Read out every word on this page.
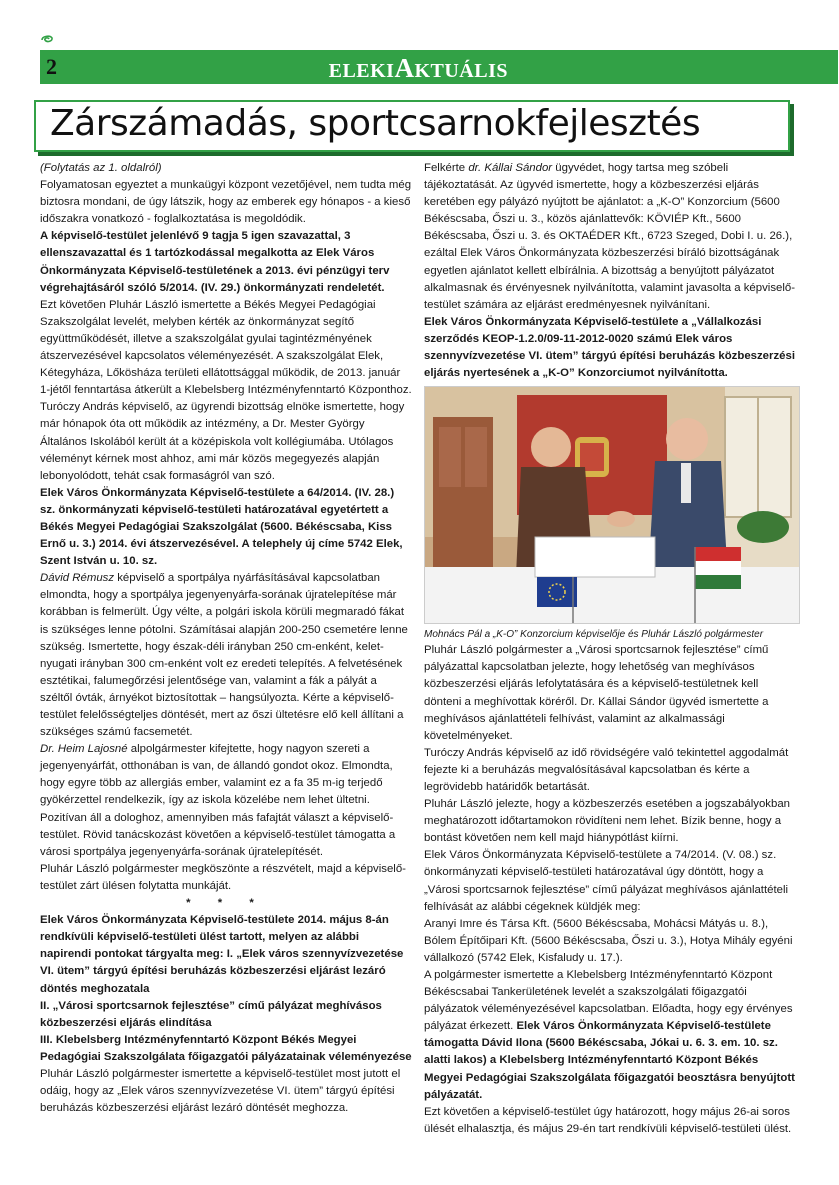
2	ELEKIAKTUÁLIS
Zárszámadás, sportcsarnokfejlesztés

(Folytatás az 1. oldalról)

Folyamatosan egyeztet a munkaügyi központ vezetőjével, nem tudta még biztosra mondani, de úgy látszik, hogy az emberek egy hónapos - a kieső időszakra vonatkozó - foglalkoztatása is megoldódik.

A képviselő-testület jelenlévő 9 tagja 5 igen szavazattal, 3 ellenszavazattal és 1 tartózkodással megalkotta az Elek Város Önkormányzata Képviselő-testületének a 2013. évi pénzügyi terv végrehajtásáról szóló 5/2014. (IV. 29.) önkormányzati rendeletét.

Ezt követően Pluhár László ismertette a Békés Megyei Pedagógiai Szakszolgálat levelét, melyben kérték az önkormányzat segítő együttműködését, illetve a szakszolgálat gyulai tagintézményének átszervezésével kapcsolatos véleményezését. A szakszolgálat Elek, Kétegyháza, Lőkösháza területi ellátottsággal működik, de 2013. január 1-jétől fenntartása átkerült a Klebelsberg Intézményfenntartó Központhoz. Turóczy András képviselő, az ügyrendi bizottság elnöke ismertette, hogy már hónapok óta ott működik az intézmény, a Dr. Mester György Általános Iskolából került át a középiskola volt kollégiumába. Utólagos véleményt kérnek most ahhoz, ami már közös megegyezés alapján lebonyolódott, tehát csak formaságról van szó.

Elek Város Önkormányzata Képviselő-testülete a 64/2014. (IV. 28.) sz. önkormányzati képviselő-testületi határozatával egyetértett a Békés Megyei Pedagógiai Szakszolgálat (5600. Békéscsaba, Kiss Ernő u. 3.) 2014. évi átszervezésével. A telephely új címe 5742 Elek, Szent István u. 10. sz.

Dávid Rémusz képviselő a sportpálya nyárfásításával kapcsolatban elmondta, hogy a sportpálya jegenyenyárfa-sorának újratelepítése már korábban is felmerült. Úgy vélte, a polgári iskola körüli megmaradó fákat is szükséges lenne pótolni. Számításai alapján 200-250 csemetére lenne szükség. Ismertette, hogy észak-déli irányban 250 cm-enként, kelet-nyugati irányban 300 cm-enként volt ez eredeti telepítés. A felvetésének esztétikai, falumegőrzési jelentősége van, valamint a fák a pályát a széltől óvták, árnyékot biztosítottak – hangsúlyozta. Kérte a képviselő-testület felelősségteljes döntését, mert az őszi ültetésre elő kell állítani a szükséges számú facsemetét.

Dr. Heim Lajosné alpolgármester kifejtette, hogy nagyon szereti a jegenyenyárfát, otthonában is van, de állandó gondot okoz. Elmondta, hogy egyre több az allergiás ember, valamint ez a fa 35 m-ig terjedő gyökérzettel rendelkezik, így az iskola közelébe nem lehet ültetni. Pozitívan áll a dologhoz, amennyiben más fafajtát választ a képviselő-testület. Rövid tanácskozást követően a képviselő-testület támogatta a városi sportpálya jegenyenyárfa-sorának újratelepítését.

Pluhár László polgármester megköszönte a részvételt, majd a képviselő-testület zárt ülésen folytatta munkáját.

* * *

Elek Város Önkormányzata Képviselő-testülete 2014. május 8-án rendkívüli képviselő-testületi ülést tartott, melyen az alábbi napirendi pontokat tárgyalta meg: I. „Elek város szennyvízvezetése VI. ütem” tárgyú építési beruházás közbeszerzési eljárást lezáró döntés meghozatala

II. „Városi sportcsarnok fejlesztése” című pályázat meghívásos közbeszerzési eljárás elindítása

III. Klebelsberg Intézményfenntartó Központ Békés Megyei Pedagógiai Szakszolgálata főigazgatói pályázatainak véleményezése

Pluhár László polgármester ismertette a képviselő-testület most jutott el odáig, hogy az „Elek város szennyvízvezetése VI. ütem” tárgyú építési beruházás közbeszerzési eljárást lezáró döntését meghozza.

Felkérte dr. Kállai Sándor ügyvédet, hogy tartsa meg szóbeli tájékoztatását. Az ügyvéd ismertette, hogy a közbeszerzési eljárás keretében egy pályázó nyújtott be ajánlatot: a „K-O” Konzorcium (5600 Békéscsaba, Őszi u. 3., közös ajánlattevők: KÖVIÉP Kft., 5600 Békéscsaba, Őszi u. 3. és OKTAÉDER Kft., 6723 Szeged, Dobi I. u. 26.), ezáltal Elek Város Önkormányzata közbeszerzési bíráló bizottságának egyetlen ajánlatot kellett elbírálnia. A bizottság a benyújtott pályázatot alkalmasnak és érvényesnek nyilvánította, valamint javasolta a képviselő-testület számára az eljárást eredményesnek nyilvánítani.

Elek Város Önkormányzata Képviselő-testülete a „Vállalkozási szerződés KEOP-1.2.0/09-11-2012-0020 számú Elek város szennyvízvezetése VI. ütem” tárgyú építési beruházás közbeszerzési eljárás nyertesének a „K-O” Konzorciumot nyilvánította.

Mohnács Pál a „K-O” Konzorcium képviselője és Pluhár László polgármester

Pluhár László polgármester a „Városi sportcsarnok fejlesztése” című pályázattal kapcsolatban jelezte, hogy lehetőség van meghívásos közbeszerzési eljárás lefolytatására és a képviselő-testületnek kell dönteni a meghívottak köréről. Dr. Kállai Sándor ügyvéd ismertette a meghívásos ajánlattételi felhívást, valamint az alkalmassági követelményeket.

Turóczy András képviselő az idő rövidségére való tekintettel aggodalmát fejezte ki a beruházás megvalósításával kapcsolatban és kérte a legrövidebb határidők betartását.

Pluhár László jelezte, hogy a közbeszerzés esetében a jogszabályokban meghatározott időtartamokon rövidíteni nem lehet. Bízik benne, hogy a bontást követően nem kell majd hiánypótlást kiírni.

Elek Város Önkormányzata Képviselő-testülete a 74/2014. (V. 08.) sz. önkormányzati képviselő-testületi határozatával úgy döntött, hogy a „Városi sportcsarnok fejlesztése” című pályázat meghívásos ajánlattételi felhívását az alábbi cégeknek küldjék meg:

Aranyi Imre és Társa Kft. (5600 Békéscsaba, Mohácsi Mátyás u. 8.), Bólem Építőipari Kft. (5600 Békéscsaba, Őszi u. 3.), Hotya Mihály egyéni vállalkozó (5742 Elek, Kisfaludy u. 17.).

A polgármester ismertette a Klebelsberg Intézményfenntartó Központ Békéscsabai Tankerületének levelét a szakszolgálati főigazgatói pályázatok véleményezésével kapcsolatban. Előadta, hogy egy érvényes pályázat érkezett. Elek Város Önkormányzata Képviselő-testülete támogatta Dávid Ilona (5600 Békéscsaba, Jókai u. 6. 3. em. 10. sz. alatti lakos) a Klebelsberg Intézményfenntartó Központ Békés Megyei Pedagógiai Szakszolgálata főigazgatói beosztásra benyújtott pályázatát.

Ezt követően a képviselő-testület úgy határozott, hogy május 26-ai soros ülését elhalasztja, és május 29-én tart rendkívüli képviselő-testületi ülést.
